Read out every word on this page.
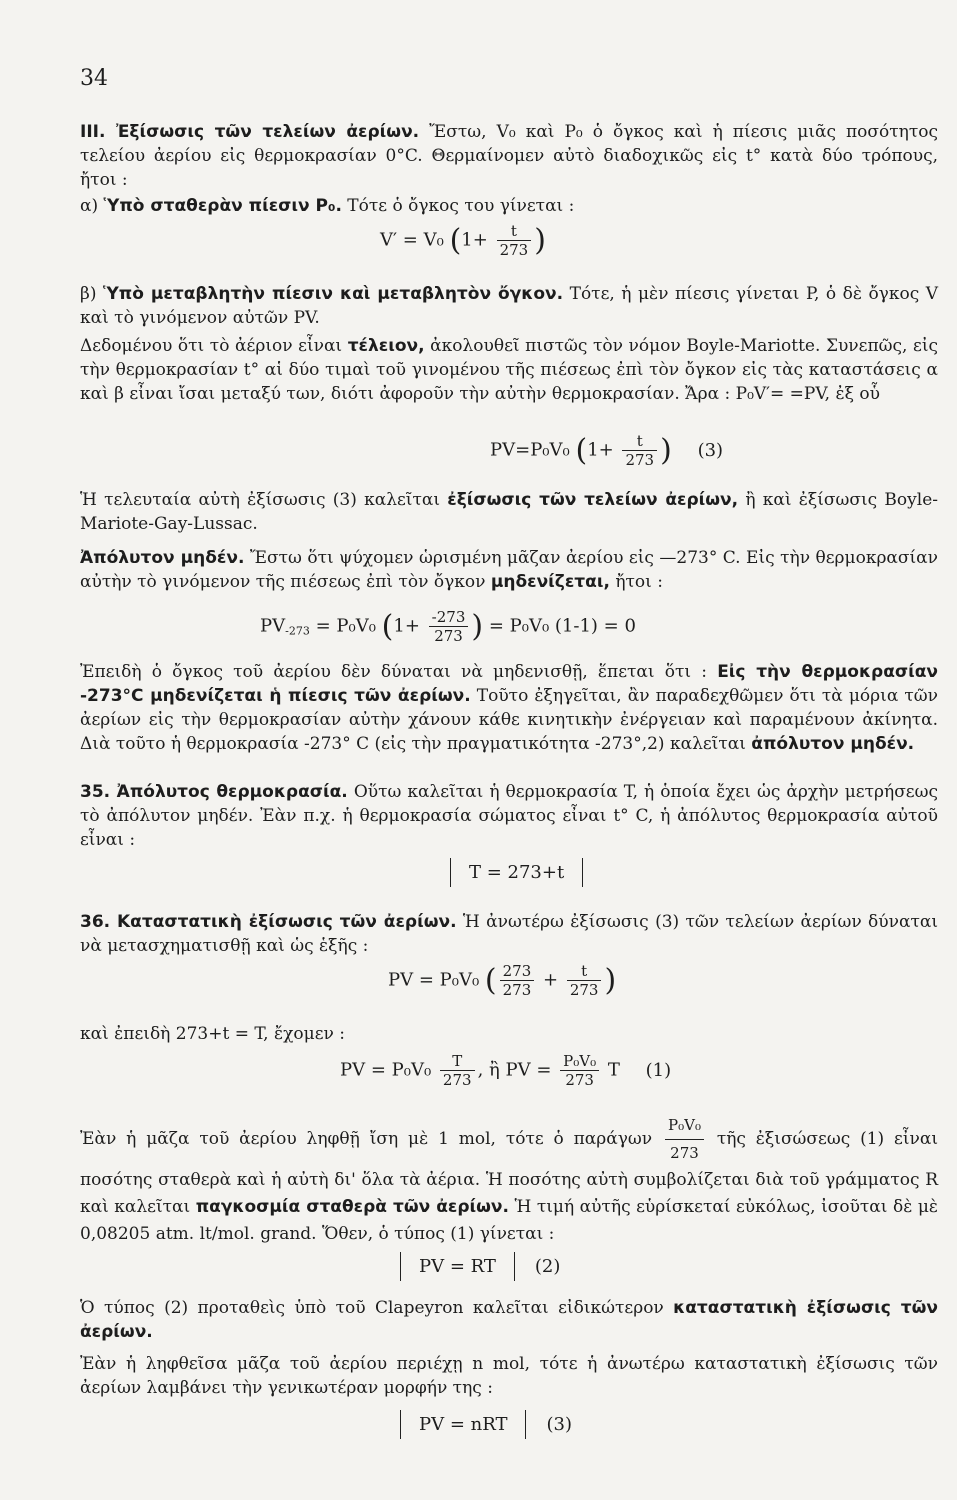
34
ΙΙΙ. Ἐξίσωσις τῶν τελείων ἀερίων. Ἔστω, V₀ καὶ P₀ ὁ ὄγκος καὶ ἡ πίεσις μιᾶς ποσότητος τελείου ἀερίου εἰς θερμοκρασίαν 0°C. Θερμαίνομεν αὐτὸ διαδοχικῶς εἰς t° κατὰ δύο τρόπους, ἤτοι :
α) Ὑπὸ σταθερὰν πίεσιν P₀. Τότε ὁ ὄγκος του γίνεται :
V′ = V₀ ($1+ \frac{t}{273}$ )
β) Ὑπὸ μεταβλητὴν πίεσιν καὶ μεταβλητὸν ὄγκον. Τότε, ἡ μὲν πίεσις γίνεται P, ὁ δὲ ὄγκος V καὶ τὸ γινόμενον αὐτῶν PV.
Δεδομένου ὅτι τὸ ἀέριον εἶναι τέλειον, ἀκολουθεῖ πιστῶς τὸν νόμον Boyle-Mariotte. Συνεπῶς, εἰς τὴν θερμοκρασίαν t° αἱ δύο τιμαὶ τοῦ γινομένου τῆς πιέσεως ἐπὶ τὸν ὄγκον εἰς τὰς καταστάσεις α καὶ β εἶναι ἴσαι μεταξύ των, διότι ἀφοροῦν τὴν αὐτὴν θερμοκρασίαν. Ἄρα : P₀V′= =PV, ἐξ οὗ
PV=P₀V₀ ($1+ \frac{t}{273}$ ) (3)
Ἡ τελευταία αὐτὴ ἐξίσωσις (3) καλεῖται ἐξίσωσις τῶν τελείων ἀερίων, ἢ καὶ ἐξίσωσις Boyle-Mariote-Gay-Lussac.
Ἀπόλυτον μηδέν. Ἔστω ὅτι ψύχομεν ὡρισμένη μᾶζαν ἀερίου εἰς —273° C. Εἰς τὴν θερμοκρασίαν αὐτὴν τὸ γινόμενον τῆς πιέσεως ἐπὶ τὸν ὄγκον μηδενίζεται, ἤτοι :
$PV_{-273} = P_0V_0$ ($1+ \frac{-273}{273}$ ) = P₀V₀ (1-1) = 0
Ἐπειδὴ ὁ ὄγκος τοῦ ἀερίου δὲν δύναται νὰ μηδενισθῇ, ἕπεται ὅτι : Εἰς τὴν θερμοκρασίαν -273°C μηδενίζεται ἡ πίεσις τῶν ἀερίων. Τοῦτο ἐξηγεῖται, ἂν παραδεχθῶμεν ὅτι τὰ μόρια τῶν ἀερίων εἰς τὴν θερμοκρασίαν αὐτὴν χάνουν κάθε κινητικὴν ἐνέργειαν καὶ παραμένουν ἀκίνητα. Διὰ τοῦτο ἡ θερμοκρασία -273° C (εἰς τὴν πραγματικότητα -273°,2) καλεῖται ἀπόλυτον μηδέν.
35. Ἀπόλυτος θερμοκρασία. Οὕτω καλεῖται ἡ θερμοκρασία T, ἡ ὁποία ἔχει ὡς ἀρχὴν μετρήσεως τὸ ἀπόλυτον μηδέν. Ἐὰν π.χ. ἡ θερμοκρασία σώματος εἶναι t° C, ἡ ἀπόλυτος θερμοκρασία αὐτοῦ εἶναι :
T = 273+t
36. Καταστατικὴ ἐξίσωσις τῶν ἀερίων. Ἡ ἀνωτέρω ἐξίσωσις (3) τῶν τελείων ἀερίων δύναται νὰ μετασχηματισθῇ καὶ ὡς ἑξῆς :
PV = P₀V₀ ( $\frac{273}{273} + \frac{t}{273}$ )
καὶ ἐπειδὴ 273+t = T, ἔχομεν :
PV = $P_0V_0 \frac{T}{273}$ , ἢ PV = $\frac{\text{P₀V₀}}{273}$ T (1)
Ἐὰν ἡ μᾶζα τοῦ ἀερίου ληφθῇ ἴση μὲ 1 mol, τότε ὁ παράγων $\frac{\text{P₀V₀}}{273}$ τῆς ἐξισώσεως (1) εἶναι ποσότης σταθερὰ καὶ ἡ αὐτὴ δι' ὅλα τὰ ἀέρια. Ἡ ποσότης αὐτὴ συμβολίζεται διὰ τοῦ γράμματος R καὶ καλεῖται παγκοσμία σταθερὰ τῶν ἀερίων. Ἡ τιμή αὐτῆς εὑρίσκεταί εὐκόλως, ἰσοῦται δὲ μὲ 0,08205 atm. lt/mol. grand. Ὅθεν, ὁ τύπος (1) γίνεται :
PV = RT (2)
Ὁ τύπος (2) προταθεὶς ὑπὸ τοῦ Clapeyron καλεῖται εἰδικώτερον καταστατικὴ ἐξίσωσις τῶν ἀερίων.
Ἐὰν ἡ ληφθεῖσα μᾶζα τοῦ ἀερίου περιέχῃ n mol, τότε ἡ ἀνωτέρω καταστατικὴ ἐξίσωσις τῶν ἀερίων λαμβάνει τὴν γενικωτέραν μορφήν της :
PV = nRT (3)
